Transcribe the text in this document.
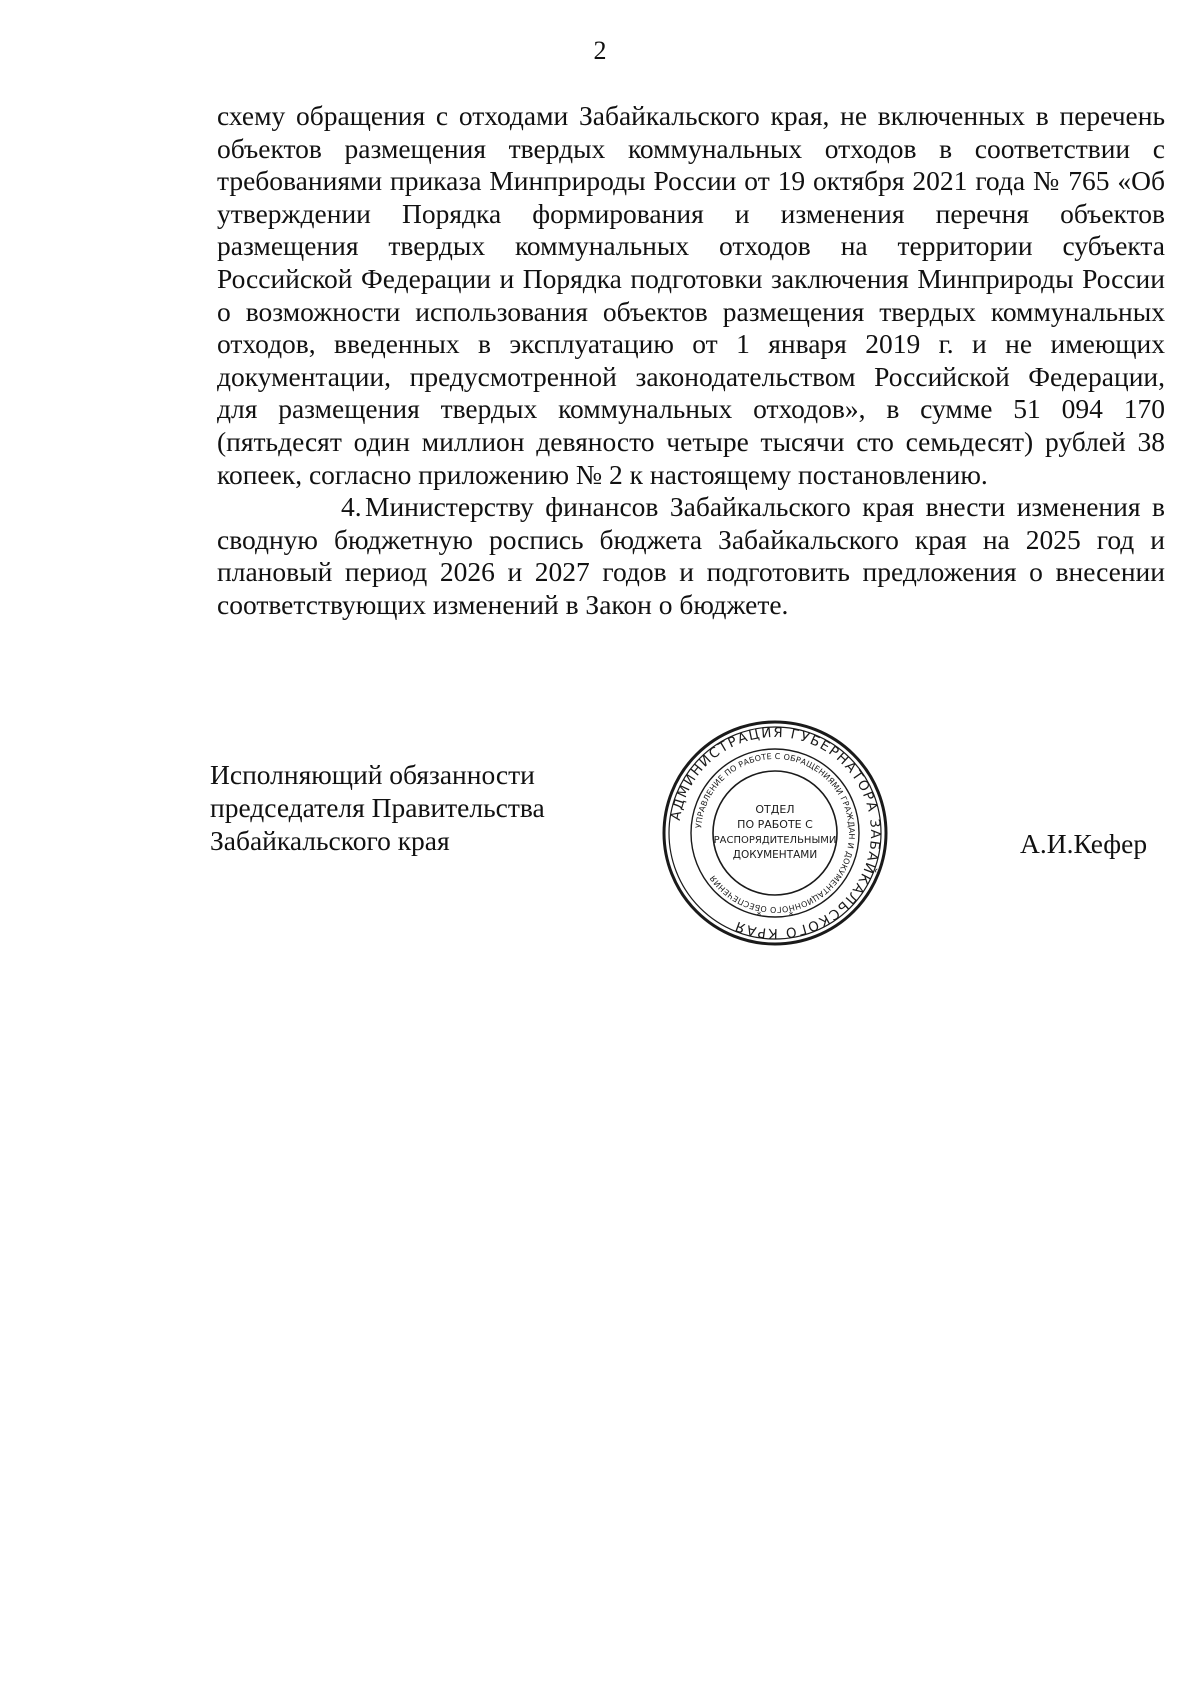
2

схему обращения с отходами Забайкальского края, не включенных в перечень объектов размещения твердых коммунальных отходов в соответствии с требованиями приказа Минприроды России от 19 октября 2021 года № 765 «Об утверждении Порядка формирования и изменения перечня объектов размещения твердых коммунальных отходов на территории субъекта Российской Федерации и Порядка подготовки заключения Минприроды России о возможности использования объектов размещения твердых коммунальных отходов, введенных в эксплуатацию от 1 января 2019 г. и не имеющих документации, предусмотренной законодательством Российской Федерации, для размещения твердых коммунальных отходов», в сумме 51 094 170 (пятьдесят один миллион девяносто четыре тысячи сто семьдесят) рублей 38 копеек, согласно приложению № 2 к настоящему постановлению.

4. Министерству финансов Забайкальского края внести изменения в сводную бюджетную роспись бюджета Забайкальского края на 2025 год и плановый период 2026 и 2027 годов и подготовить предложения о внесении соответствующих изменений в Закон о бюджете.

Исполняющий обязанности
председателя Правительства
Забайкальского края	А.И.Кефер
АДМИНИСТРАЦИЯ ГУБЕРНАТОРА ЗАБАЙКАЛЬСКОГО КРАЯ
УПРАВЛЕНИЕ ПО РАБОТЕ С ОБРАЩЕНИЯМИ ГРАЖДАН И ДОКУМЕНТАЦИОННОГО ОБЕСПЕЧЕНИЯ
ОТДЕЛ
ПО РАБОТЕ С
РАСПОРЯДИТЕЛЬНЫМИ
ДОКУМЕНТАМИ
*	*
